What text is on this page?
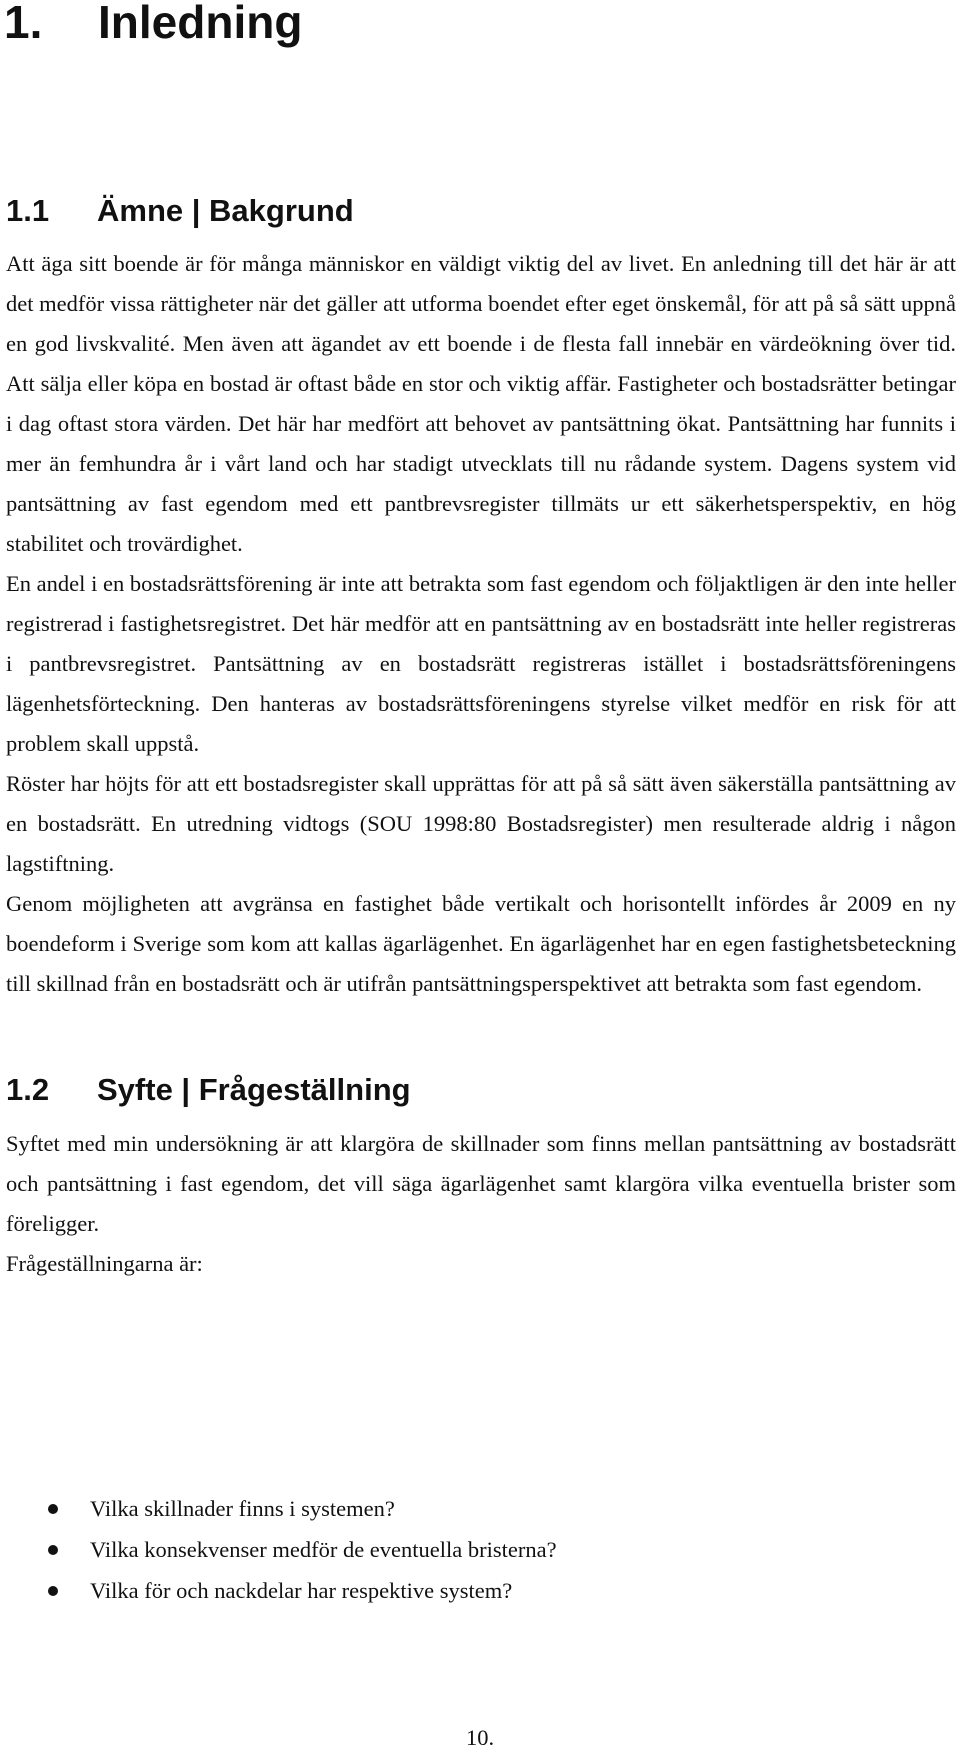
1. Inledning
1.1 Ämne | Bakgrund

Att äga sitt boende är för många människor en väldigt viktig del av livet. En anledning till det här är att det medför vissa rättigheter när det gäller att utforma boendet efter eget önskemål, för att på så sätt uppnå en god livskvalité. Men även att ägandet av ett boende i de flesta fall innebär en värdeökning över tid. Att sälja eller köpa en bostad är oftast både en stor och viktig affär. Fastigheter och bostadsrätter betingar i dag oftast stora värden. Det här har medfört att behovet av pantsättning ökat. Pantsättning har funnits i mer än femhundra år i vårt land och har stadigt utvecklats till nu rådande system. Dagens system vid pantsättning av fast egendom med ett pantbrevsregister tillmäts ur ett säkerhetsperspektiv, en hög stabilitet och trovärdighet.

En andel i en bostadsrättsförening är inte att betrakta som fast egendom och följaktligen är den inte heller registrerad i fastighetsregistret. Det här medför att en pantsättning av en bostadsrätt inte heller registreras i pantbrevsregistret. Pantsättning av en bostadsrätt registreras istället i bostadsrättsföreningens lägenhetsförteckning. Den hanteras av bostadsrättsföreningens styrelse vilket medför en risk för att problem skall uppstå.

Röster har höjts för att ett bostadsregister skall upprättas för att på så sätt även säkerställa pantsättning av en bostadsrätt. En utredning vidtogs (SOU 1998:80 Bostadsregister) men resulterade aldrig i någon lagstiftning.

Genom möjligheten att avgränsa en fastighet både vertikalt och horisontellt infördes år 2009 en ny boendeform i Sverige som kom att kallas ägarlägenhet. En ägarlägenhet har en egen fastighetsbeteckning till skillnad från en bostadsrätt och är utifrån pantsättningsperspektivet att betrakta som fast egendom.

1.2 Syfte | Frågeställning

Syftet med min undersökning är att klargöra de skillnader som finns mellan pantsättning av bostadsrätt och pantsättning i fast egendom, det vill säga ägarlägenhet samt klargöra vilka eventuella brister som föreligger.

Frågeställningarna är:

Vilka skillnader finns i systemen?
Vilka konsekvenser medför de eventuella bristerna?
Vilka för och nackdelar har respektive system?
10.
